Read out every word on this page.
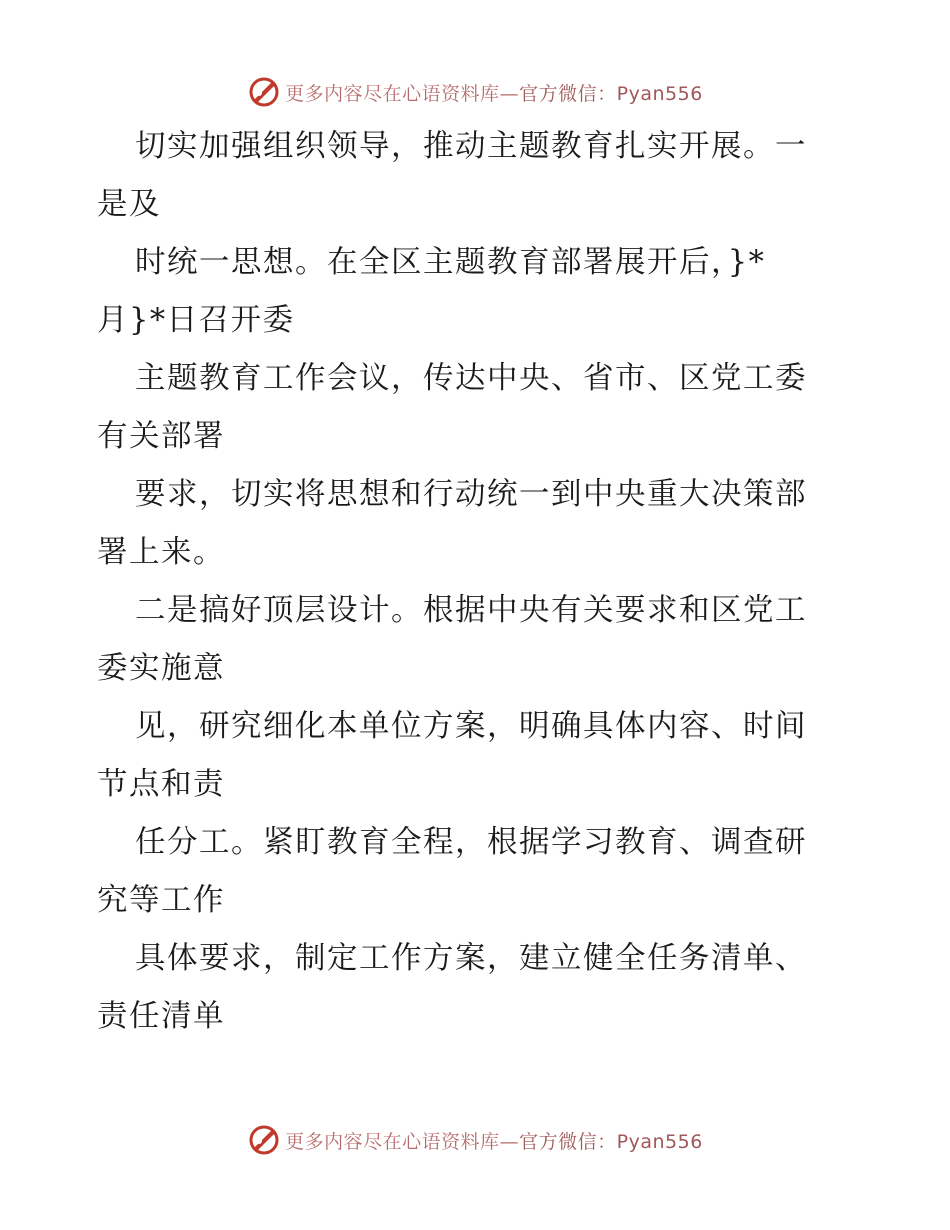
更多内容尽在心语资料库—官方微信：Pyan556
切实加强组织领导，推动主题教育扎实开展。一
是及
时统一思想。在全区主题教育部署展开后，}*
月}*日召开委
主题教育工作会议，传达中央、省市、区党工委
有关部署
要求，切实将思想和行动统一到中央重大决策部
署上来。
二是搞好顶层设计。根据中央有关要求和区党工
委实施意
见，研究细化本单位方案，明确具体内容、时间
节点和责
任分工。紧盯教育全程，根据学习教育、调查研
究等工作
具体要求，制定工作方案，建立健全任务清单、
责任清单
更多内容尽在心语资料库—官方微信：Pyan556
